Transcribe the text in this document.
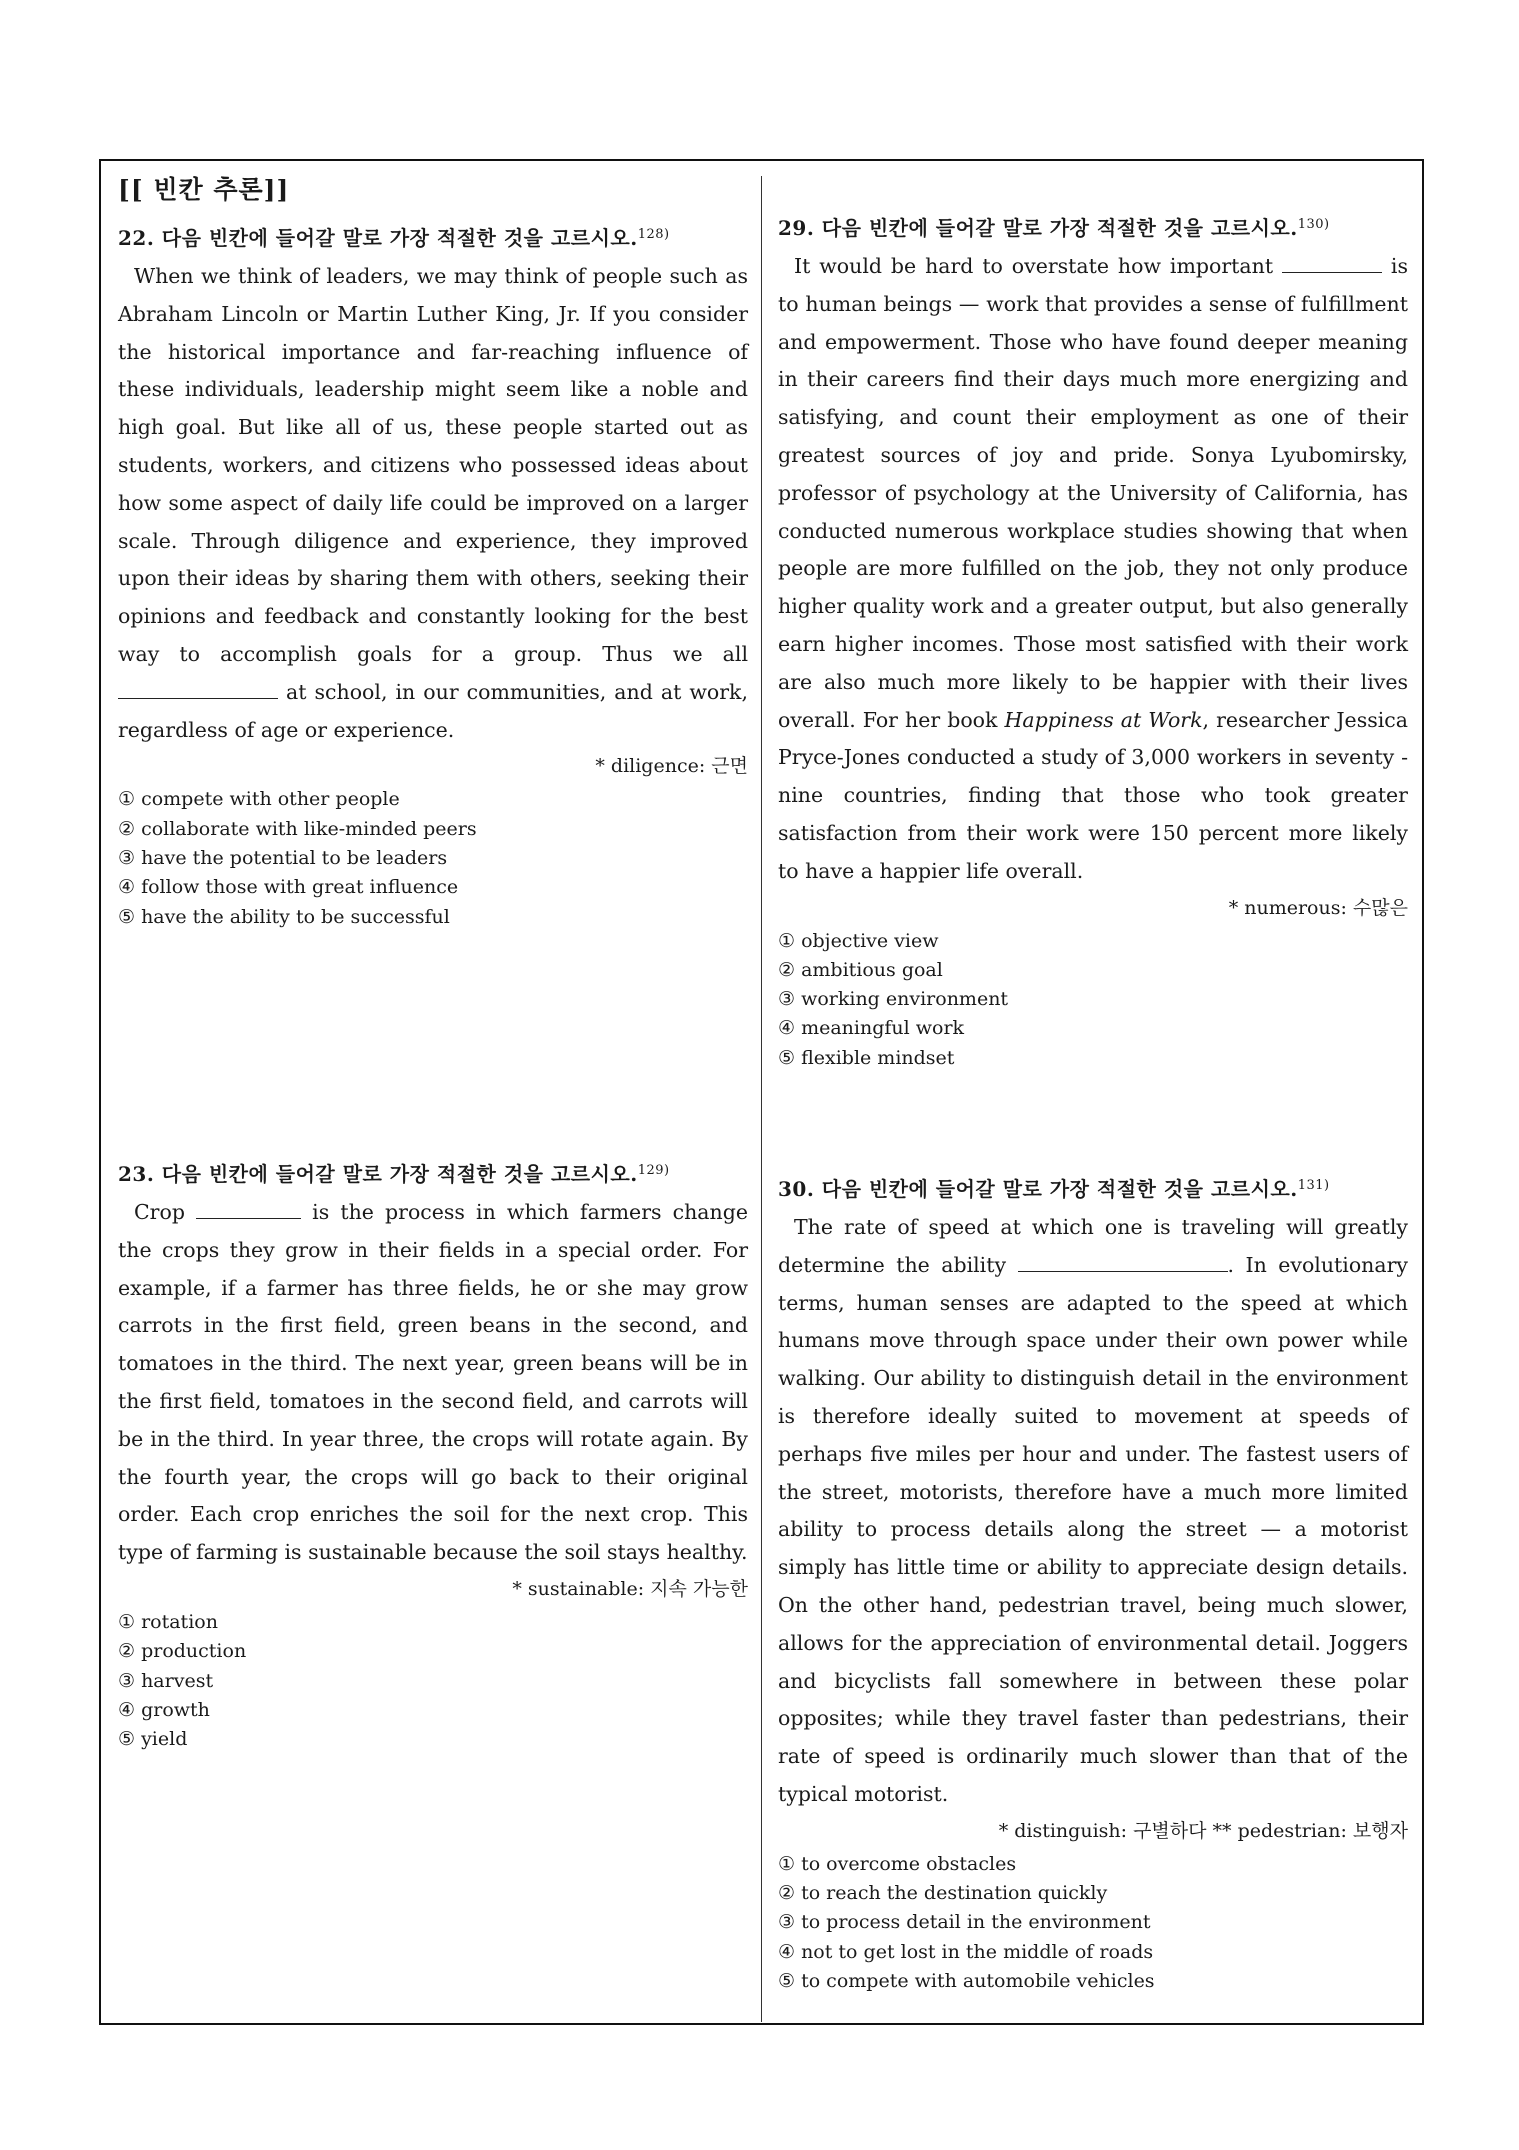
[[ 빈칸 추론]]
22. 다음 빈칸에 들어갈 말로 가장 적절한 것을 고르시오.$^{128)}$
When we think of leaders, we may think of people such as Abraham Lincoln or Martin Luther King, Jr. If you consider the historical importance and far-reaching influence of these individuals, leadership might seem like a noble and high goal. But like all of us, these people started out as students, workers, and citizens who possessed ideas about how some aspect of daily life could be improved on a larger scale. Through diligence and experience, they improved upon their ideas by sharing them with others, seeking their opinions and feedback and constantly looking for the best way to accomplish goals for a group. Thus we all  at school, in our communities, and at work, regardless of age or experience.
* diligence: 근면
① compete with other people
② collaborate with like-minded peers
③ have the potential to be leaders
④ follow those with great influence
⑤ have the ability to be successful
23. 다음 빈칸에 들어갈 말로 가장 적절한 것을 고르시오.$^{129)}$
Crop	is the process in which farmers change the crops they grow in their fields in a special order. For example, if a farmer has three fields, he or she may grow carrots in the first field, green beans in the second, and tomatoes in the third. The next year, green beans will be in the first field, tomatoes in the second field, and carrots will be in the third. In year three, the crops will rotate again. By the fourth year, the crops will go back to their original order. Each crop enriches the soil for the next crop. This type of farming is sustainable because the soil stays healthy.
* sustainable: 지속 가능한
① rotation
② production
③ harvest
④ growth
⑤ yield
29. 다음 빈칸에 들어갈 말로 가장 적절한 것을 고르시오.$^{130)}$
It would be hard to overstate how important	is to human beings — work that provides a sense of fulfillment and empowerment. Those who have found deeper meaning in their careers find their days much more energizing and satisfying, and count their employment as one of their greatest sources of joy and pride. Sonya Lyubomirsky, professor of psychology at the University of California, has conducted numerous workplace studies showing that when people are more fulfilled on the job, they not only produce higher quality work and a greater output, but also generally earn higher incomes. Those most satisfied with their work are also much more likely to be happier with their lives overall. For her book Happiness at Work, researcher Jessica Pryce-Jones conducted a study of 3,000 workers in seventy - nine countries, finding that those who took greater satisfaction from their work were 150 percent more likely to have a happier life overall.
* numerous: 수많은
① objective view
② ambitious goal
③ working environment
④ meaningful work
⑤ flexible mindset
30. 다음 빈칸에 들어갈 말로 가장 적절한 것을 고르시오.$^{131)}$
The rate of speed at which one is traveling will greatly determine the ability	. In evolutionary terms, human senses are adapted to the speed at which humans move through space under their own power while walking. Our ability to distinguish detail in the environment is therefore ideally suited to movement at speeds of perhaps five miles per hour and under. The fastest users of the street, motorists, therefore have a much more limited ability to process details along the street — a motorist simply has little time or ability to appreciate design details. On the other hand, pedestrian travel, being much slower, allows for the appreciation of environmental detail. Joggers and bicyclists fall somewhere in between these polar opposites; while they travel faster than pedestrians, their rate of speed is ordinarily much slower than that of the typical motorist.
* distinguish: 구별하다 ** pedestrian: 보행자
① to overcome obstacles
② to reach the destination quickly
③ to process detail in the environment
④ not to get lost in the middle of roads
⑤ to compete with automobile vehicles
